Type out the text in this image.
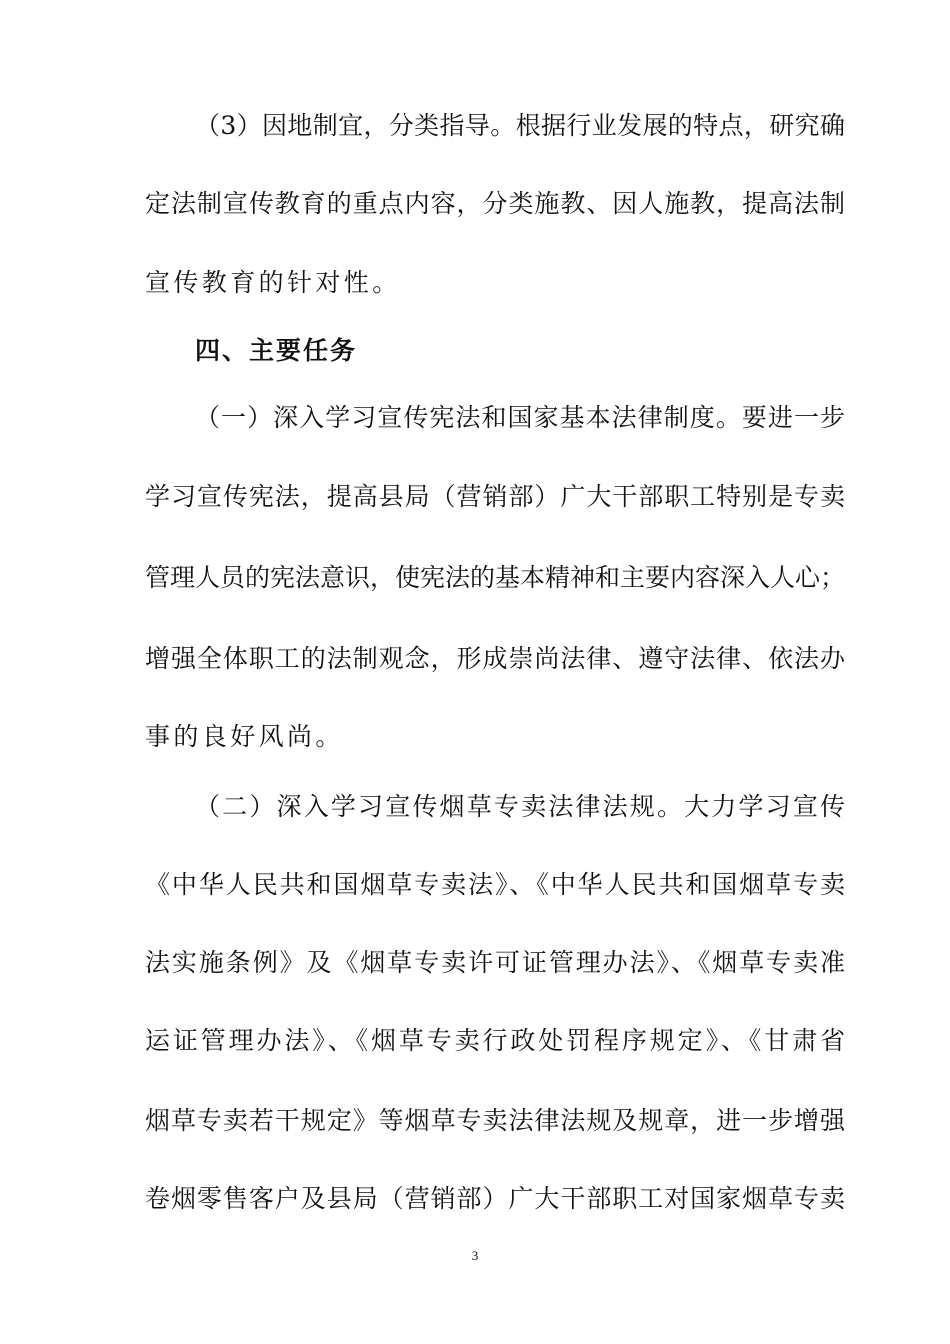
（3）因地制宜，分类指导。根据行业发展的特点，研究确
定法制宣传教育的重点内容，分类施教、因人施教，提高法制
宣传教育的针对性。
四、主要任务
（一）深入学习宣传宪法和国家基本法律制度。要进一步
学习宣传宪法，提高县局（营销部）广大干部职工特别是专卖
管理人员的宪法意识，使宪法的基本精神和主要内容深入人心；
增强全体职工的法制观念，形成崇尚法律、遵守法律、依法办
事的良好风尚。
（二）深入学习宣传烟草专卖法律法规。大力学习宣传
《中华人民共和国烟草专卖法》、《中华人民共和国烟草专卖
法实施条例》及《烟草专卖许可证管理办法》、《烟草专卖准
运证管理办法》、《烟草专卖行政处罚程序规定》、《甘肃省
烟草专卖若干规定》等烟草专卖法律法规及规章，进一步增强
卷烟零售客户及县局（营销部）广大干部职工对国家烟草专卖
3
